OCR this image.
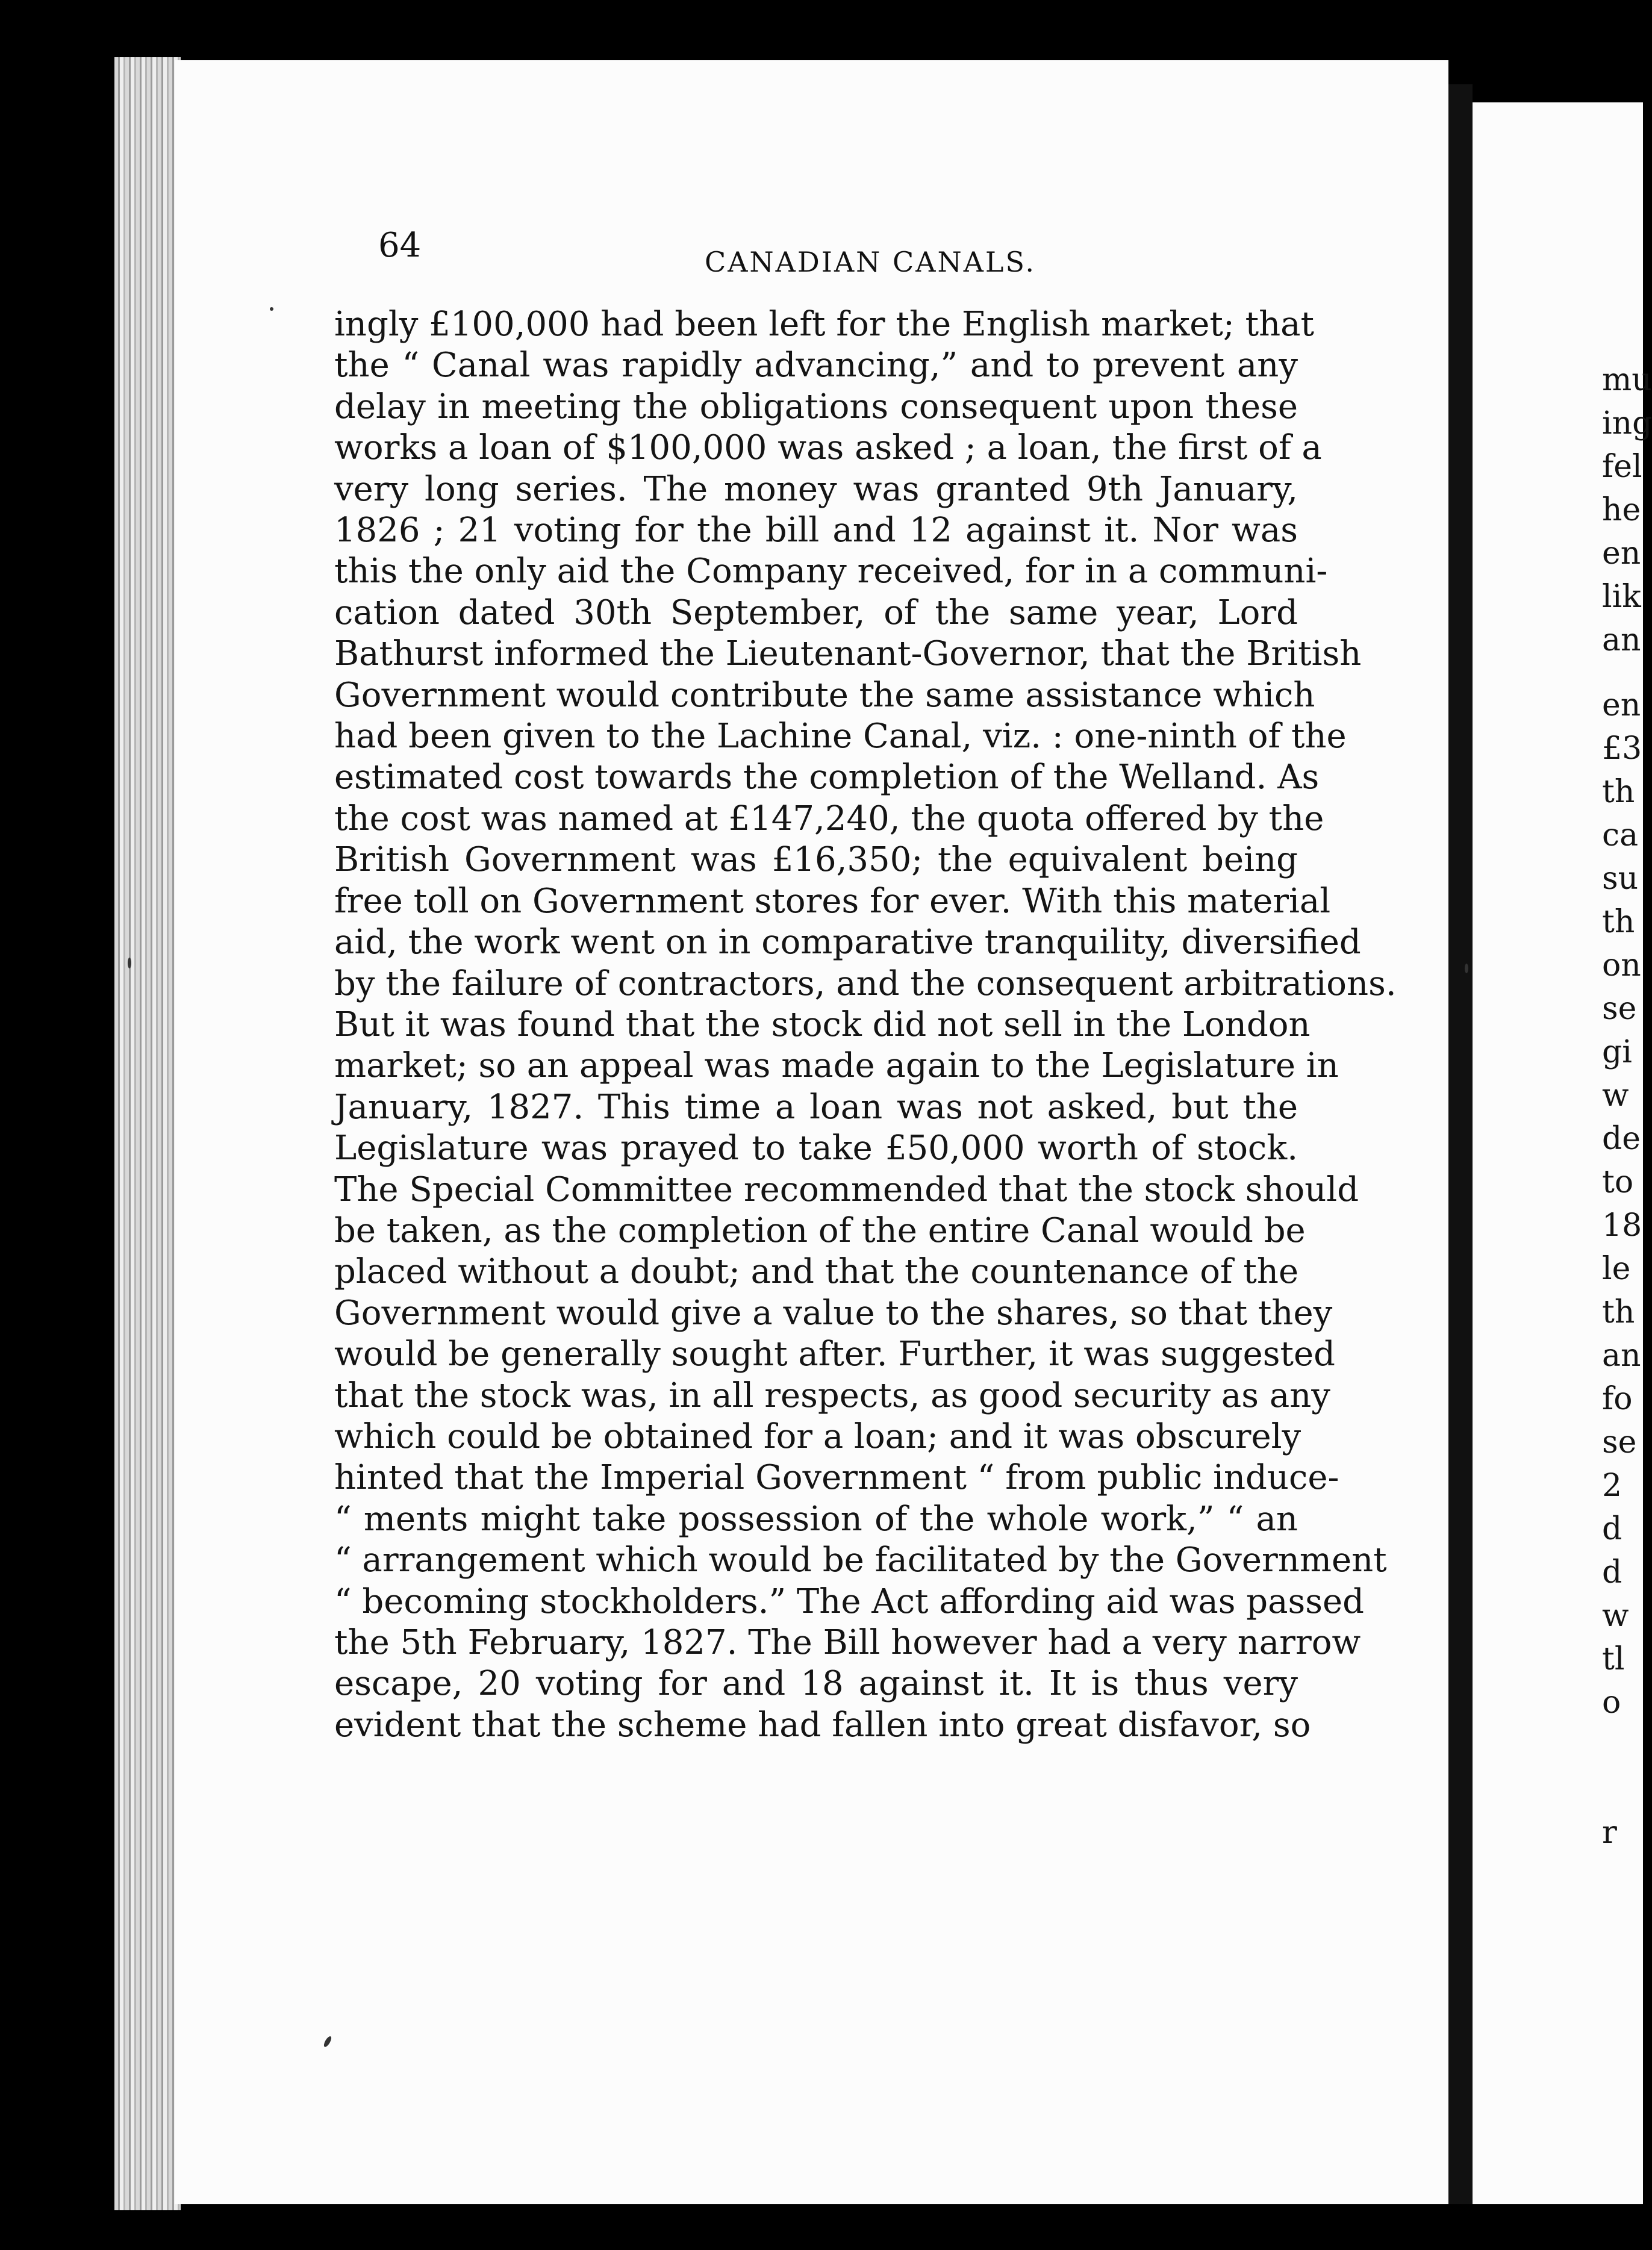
64	CANADIAN CANALS.

ingly £100,000 had been left for the English market; that
the “ Canal was rapidly advancing,” and to prevent any
delay in meeting the obligations consequent upon these
works a loan of $100,000 was asked ; a loan, the first of a
very long series. The money was granted 9th January,
1826 ; 21 voting for the bill and 12 against it. Nor was
this the only aid the Company received, for in a communi-
cation dated 30th September, of the same year, Lord
Bathurst informed the Lieutenant-Governor, that the British
Government would contribute the same assistance which
had been given to the Lachine Canal, viz. : one-ninth of the
estimated cost towards the completion of the Welland. As
the cost was named at £147,240, the quota offered by the
British Government was £16,350; the equivalent being
free toll on Government stores for ever. With this material
aid, the work went on in comparative tranquility, diversified
by the failure of contractors, and the consequent arbitrations.
But it was found that the stock did not sell in the London
market; so an appeal was made again to the Legislature in
January, 1827. This time a loan was not asked, but the
Legislature was prayed to take £50,000 worth of stock.
The Special Committee recommended that the stock should
be taken, as the completion of the entire Canal would be
placed without a doubt; and that the countenance of the
Government would give a value to the shares, so that they
would be generally sought after. Further, it was suggested
that the stock was, in all respects, as good security as any
which could be obtained for a loan; and it was obscurely
hinted that the Imperial Government “ from public induce-
“ ments might take possession of the whole work,” “ an
“ arrangement which would be facilitated by the Government
“ becoming stockholders.” The Act affording aid was passed
the 5th February, 1827. The Bill however had a very narrow
escape, 20 voting for and 18 against it. It is thus very
evident that the scheme had fallen into great disfavor, so
mu
ing
fel
he
en
lik
an
en
£3
th
ca
su
th
on
se
gi
w
de
to
18
le
th
an
fo
se
2
d
d
w
tl
o
r
